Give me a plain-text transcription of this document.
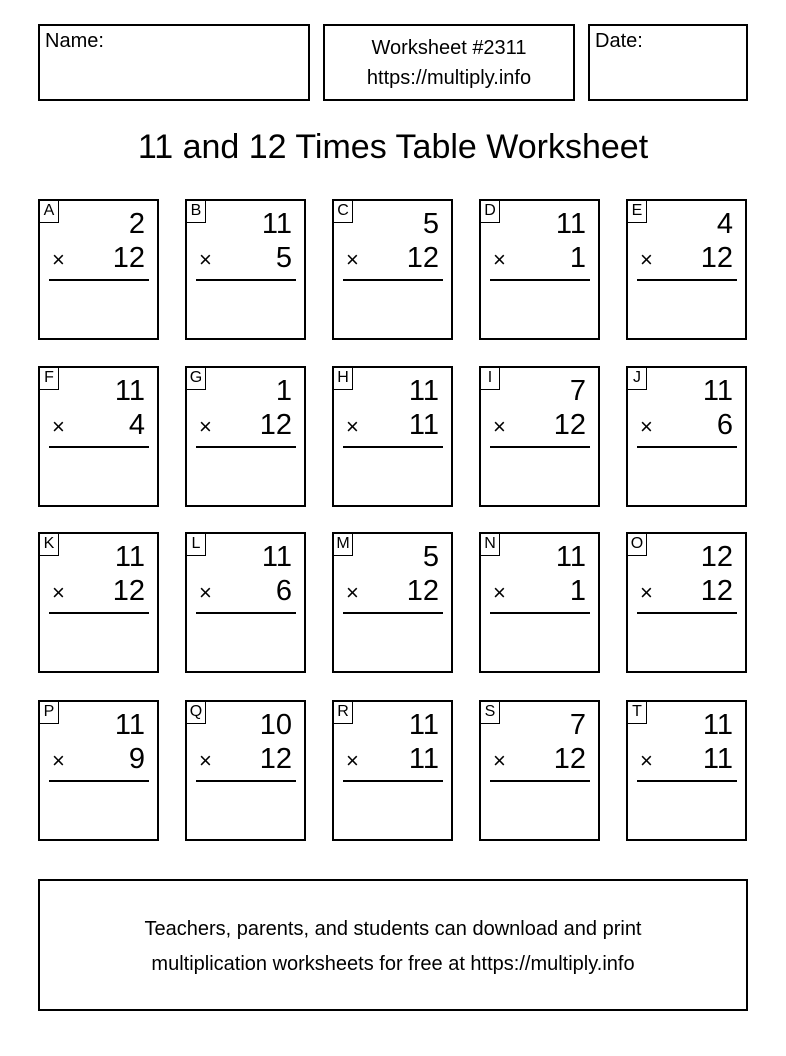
Name:	Worksheet #2311
https://multiply.info
Date:
11 and 12 Times Table Worksheet
A	2
× 12
B 11
× 5
C	5
× 12
D 11
× 1
E	4
× 12
F 11
× 4
G	1
× 12
H 11
× 11
I	7
× 12
J 11
× 6
K 11
× 12
L 11
× 6
M	5
× 12
N 11
× 1
O 12
× 12
P 11
× 9
Q 10
× 12
R 11
× 11
S	7
× 12
T 11
× 11
Teachers, parents, and students can download and print
multiplication worksheets for free at https://multiply.info
